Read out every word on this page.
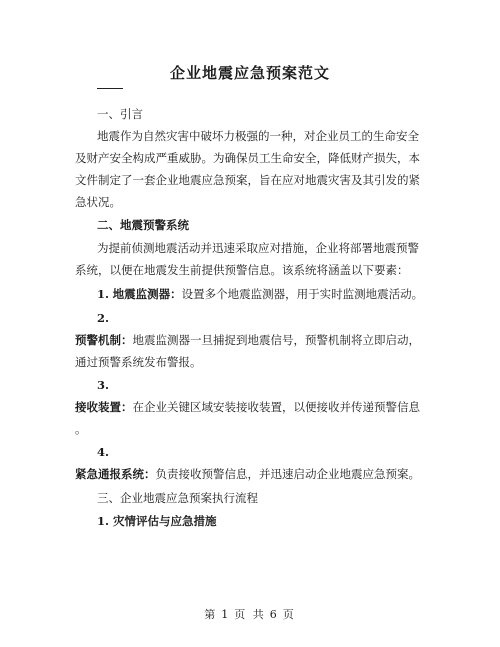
企业地震应急预案范文
一、引言
地震作为自然灾害中破坏力极强的一种，对企业员工的生命安全
及财产安全构成严重威胁。为确保员工生命安全，降低财产损失，本
文件制定了一套企业地震应急预案，旨在应对地震灾害及其引发的紧
急状况。
二、地震预警系统
为提前侦测地震活动并迅速采取应对措施，企业将部署地震预警
系统，以便在地震发生前提供预警信息。该系统将涵盖以下要素：
1. 地震监测器：设置多个地震监测器，用于实时监测地震活动。
2.
预警机制：地震监测器一旦捕捉到地震信号，预警机制将立即启动，
通过预警系统发布警报。
3.
接收装置：在企业关键区域安装接收装置，以便接收并传递预警信息
。
4.
紧急通报系统：负责接收预警信息，并迅速启动企业地震应急预案。
三、企业地震应急预案执行流程
1. 灾情评估与应急措施
第 1 页 共 6 页
